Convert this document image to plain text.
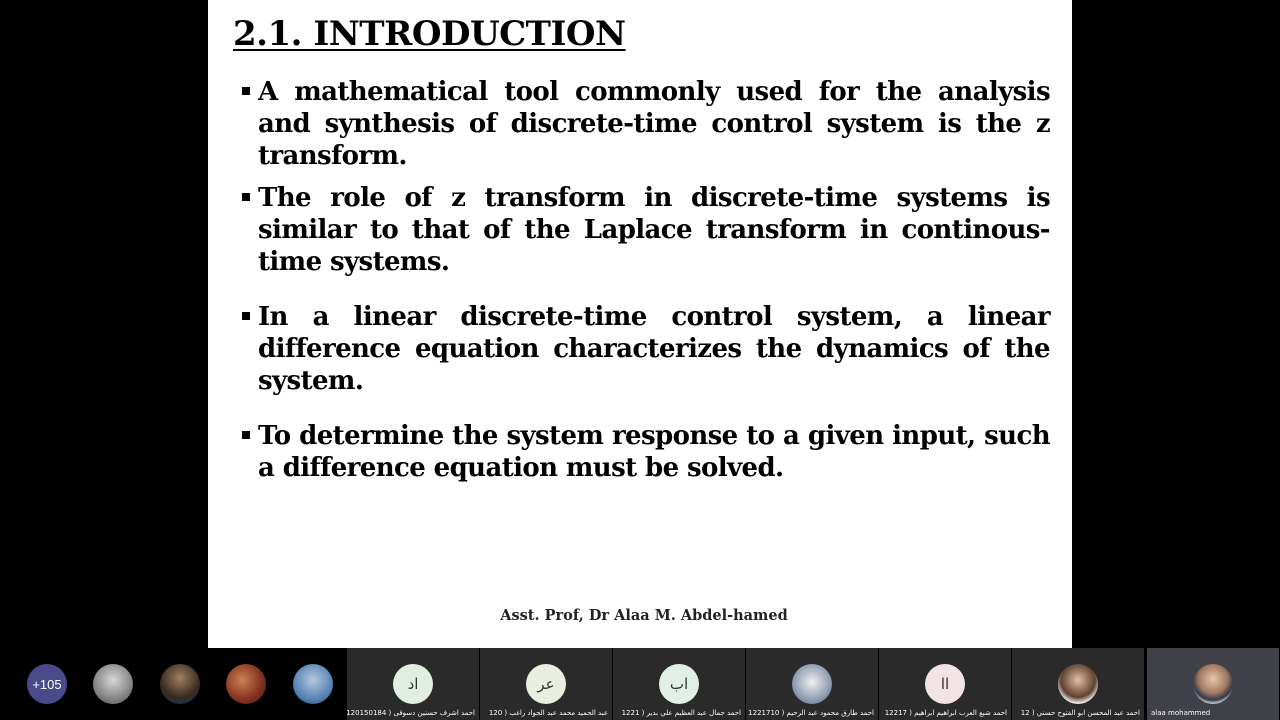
2.1. INTRODUCTION
A mathematical tool commonly used for the analysis and synthesis of discrete-time control system is the z transform.
The role of z transform in discrete-time systems is similar to that of the Laplace transform in continous-time systems.
In a linear discrete-time control system, a linear difference equation characterizes the dynamics of the system.
To determine the system response to a given input, such a difference equation must be solved.
Asst. Prof, Dr Alaa M. Abdel-hamed
+105	اد
احمد اشرف حسنين دسوقى ( 120150184
عر
عبد الحميد محمد عبد الجواد راغب ( 120
اب
احمد جمال عبد العظيم علي بدير ( 1221 احمد طارق محمود عبد الرحيم ( 1221710
اا
احمد شبع العرب ابراهيم ابراهيم ( 12217	احمد عبد المحسن ابو الفتوح حسني ( 12 alaa mohammed
